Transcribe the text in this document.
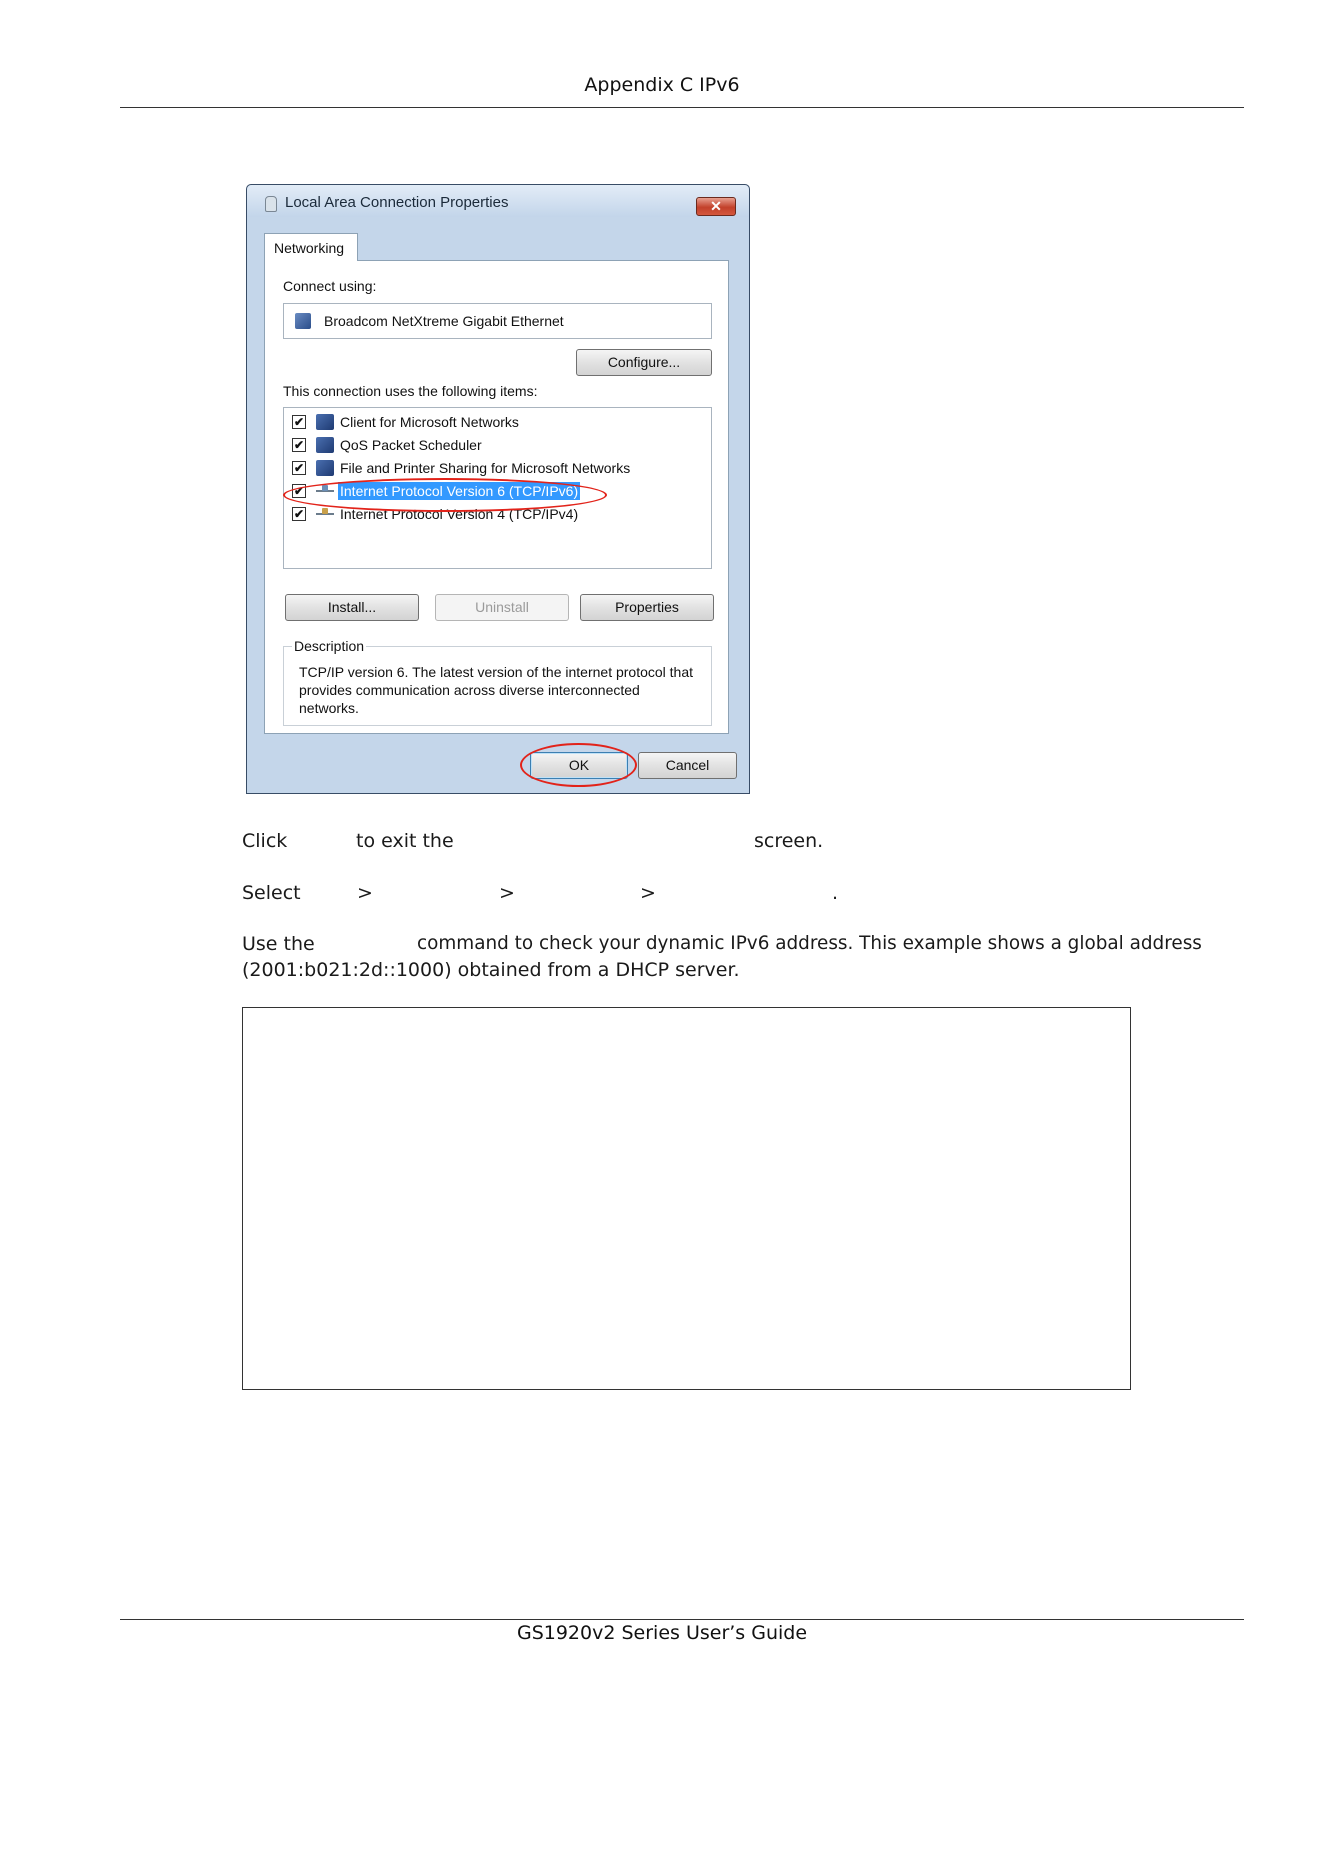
Appendix C IPv6
Local Area Connection Properties	✕
Networking
Connect using:
Broadcom NetXtreme Gigabit Ethernet
Configure...
This connection uses the following items:
✔	Client for Microsoft Networks
✔	QoS Packet Scheduler
✔	File and Printer Sharing for Microsoft Networks
✔	Internet Protocol Version 6 (TCP/IPv6)
✔	Internet Protocol Version 4 (TCP/IPv4)
Install...	Uninstall	Properties
Description
TCP/IP version 6. The latest version of the internet protocol that provides communication across diverse interconnected networks.
OK	Cancel
Click	to exit the	screen.
Select	>	>	>	.
Use the	command to check your dynamic IPv6 address. This example shows a global address
(2001:b021:2d::1000) obtained from a DHCP server.
GS1920v2 Series User’s Guide
